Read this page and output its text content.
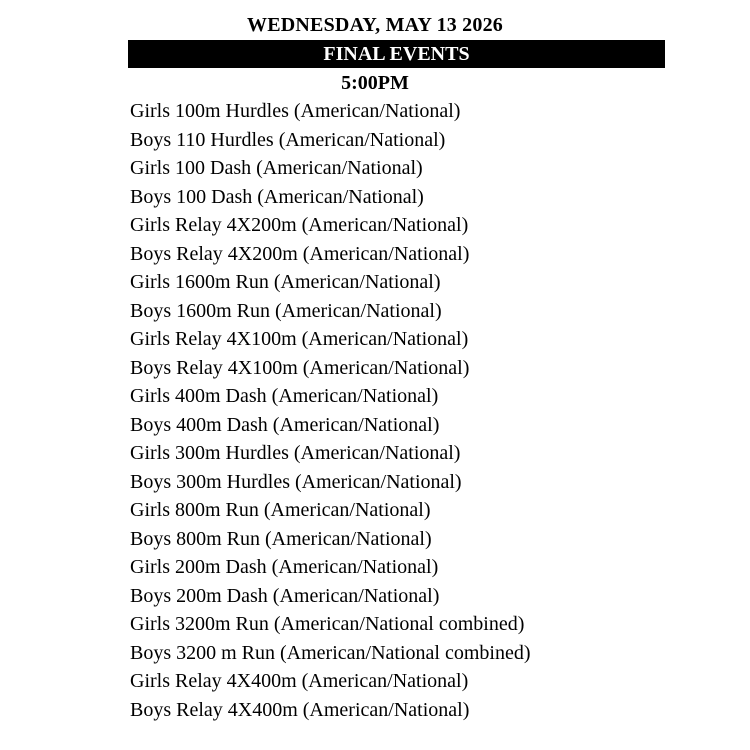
WEDNESDAY, MAY 13 2026
FINAL EVENTS
5:00PM
Girls 100m Hurdles (American/National)
Boys 110 Hurdles (American/National)
Girls 100 Dash (American/National)
Boys 100 Dash (American/National)
Girls Relay 4X200m (American/National)
Boys Relay 4X200m (American/National)
Girls 1600m Run (American/National)
Boys 1600m Run (American/National)
Girls Relay 4X100m (American/National)
Boys Relay 4X100m (American/National)
Girls 400m Dash (American/National)
Boys 400m Dash (American/National)
Girls 300m Hurdles (American/National)
Boys 300m Hurdles (American/National)
Girls 800m Run (American/National)
Boys 800m Run (American/National)
Girls 200m Dash (American/National)
Boys 200m Dash (American/National)
Girls 3200m Run (American/National combined)
Boys 3200 m Run (American/National combined)
Girls Relay 4X400m (American/National)
Boys Relay 4X400m (American/National)
